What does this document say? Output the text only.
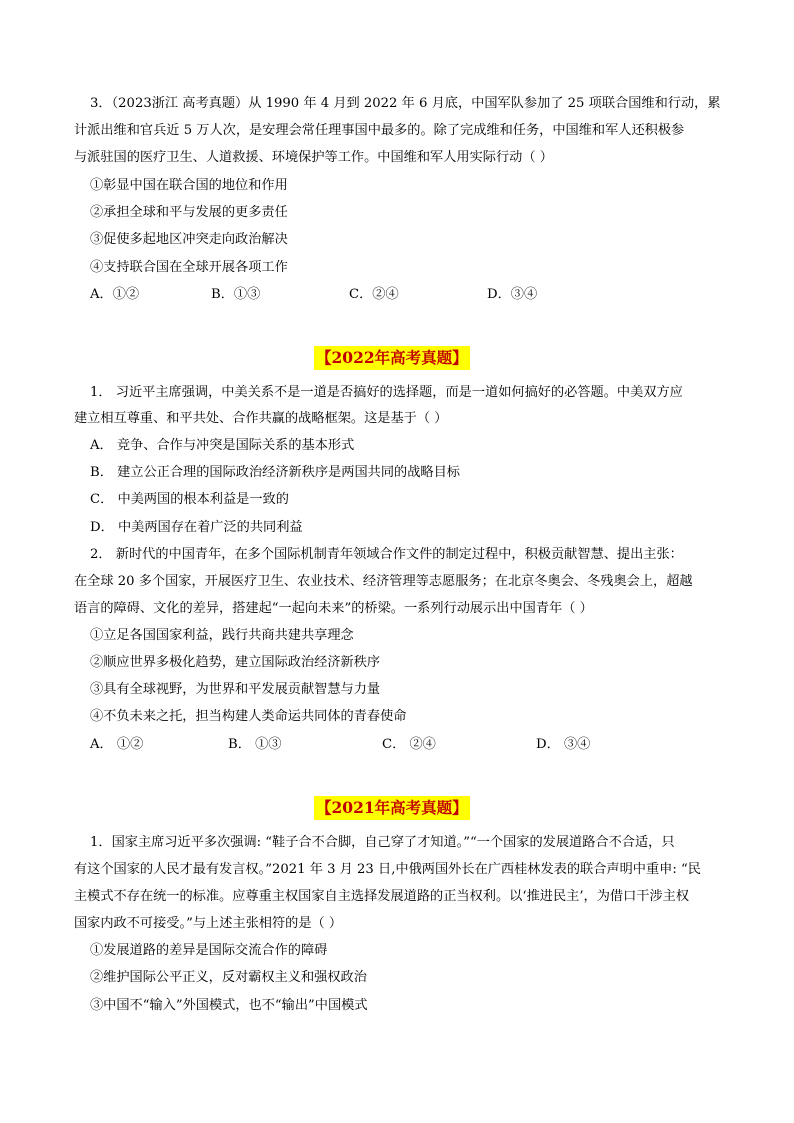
3．（2023浙江 高考真题）从 1990 年 4 月到 2022 年 6 月底，中国军队参加了 25 项联合国维和行动，累
计派出维和官兵近 5 万人次，是安理会常任理事国中最多的。除了完成维和任务，中国维和军人还积极参
与派驻国的医疗卫生、人道救援、环境保护等工作。中国维和军人用实际行动（ ）
①彰显中国在联合国的地位和作用
②承担全球和平与发展的更多责任
③促使多起地区冲突走向政治解决
④支持联合国在全球开展各项工作
A．①②	B．①③	C．②④	D．③④
【2022年高考真题】
1． 习近平主席强调，中美关系不是一道是否搞好的选择题，而是一道如何搞好的必答题。中美双方应
建立相互尊重、和平共处、合作共赢的战略框架。这是基于（ ）
A． 竞争、合作与冲突是国际关系的基本形式
B． 建立公正合理的国际政治经济新秩序是两国共同的战略目标
C． 中美两国的根本利益是一致的
D． 中美两国存在着广泛的共同利益
2． 新时代的中国青年，在多个国际机制青年领域合作文件的制定过程中，积极贡献智慧、提出主张：
在全球 20 多个国家，开展医疗卫生、农业技术、经济管理等志愿服务；在北京冬奥会、冬残奥会上，超越
语言的障碍、文化的差异，搭建起“一起向未来”的桥梁。一系列行动展示出中国青年（ ）
①立足各国国家利益，践行共商共建共享理念
②顺应世界多极化趋势，建立国际政治经济新秩序
③具有全球视野，为世界和平发展贡献智慧与力量
④不负未来之托，担当构建人类命运共同体的青春使命
A． ①②	B． ①③	C． ②④	D． ③④
【2021年高考真题】
1．国家主席习近平多次强调: “鞋子合不合脚，自己穿了才知道。”“一个国家的发展道路合不合适，只
有这个国家的人民才最有发言权。”2021 年 3 月 23 日,中俄两国外长在广西桂林发表的联合声明中重申: “民
主模式不存在统一的标准。应尊重主权国家自主选择发展道路的正当权利。以‘推进民主’，为借口干涉主权
国家内政不可接受。”与上述主张相符的是（ ）
①发展道路的差异是国际交流合作的障碍
②维护国际公平正义，反对霸权主义和强权政治
③中国不“输入”外国模式，也不“输出”中国模式
